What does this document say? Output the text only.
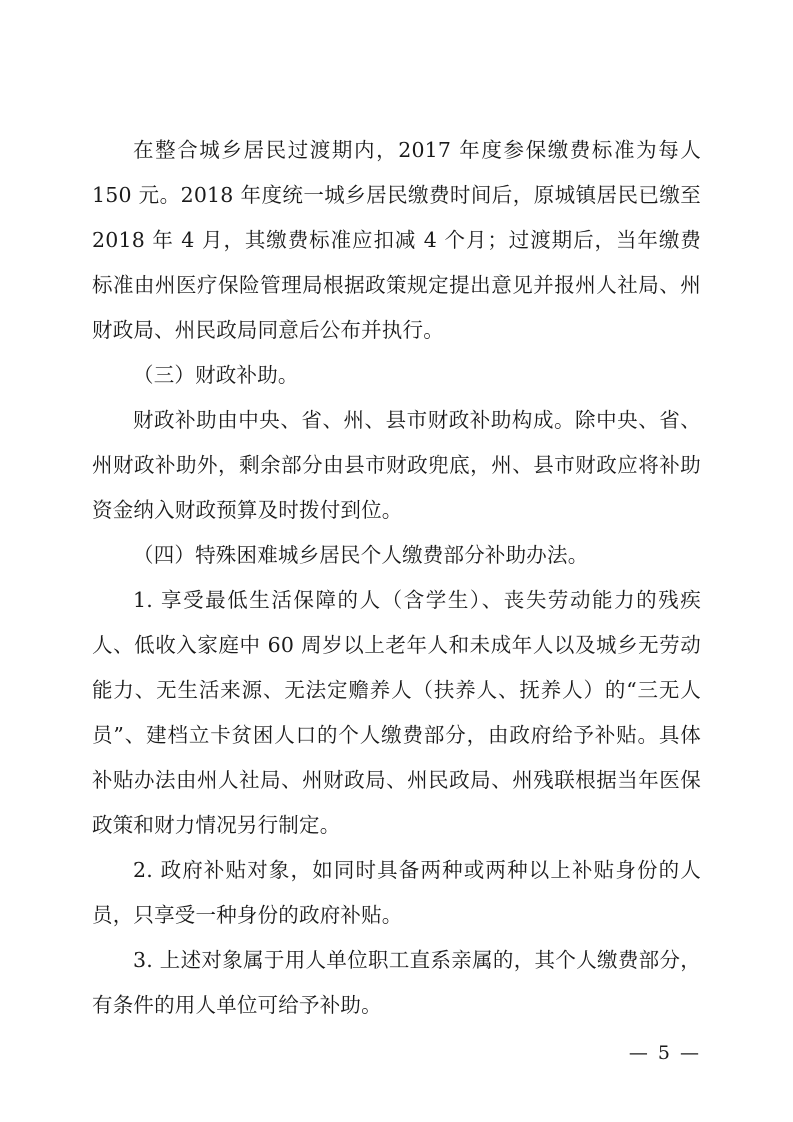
在整合城乡居民过渡期内，2017 年度参保缴费标准为每人 150 元。2018 年度统一城乡居民缴费时间后，原城镇居民已缴至 2018 年 4 月，其缴费标准应扣减 4 个月；过渡期后，当年缴费标准由州医疗保险管理局根据政策规定提出意见并报州人社局、州财政局、州民政局同意后公布并执行。

（三）财政补助。

财政补助由中央、省、州、县市财政补助构成。除中央、省、州财政补助外，剩余部分由县市财政兜底，州、县市财政应将补助资金纳入财政预算及时拨付到位。

（四）特殊困难城乡居民个人缴费部分补助办法。

1. 享受最低生活保障的人（含学生）、丧失劳动能力的残疾人、低收入家庭中 60 周岁以上老年人和未成年人以及城乡无劳动能力、无生活来源、无法定赡养人（扶养人、抚养人）的“三无人员”、建档立卡贫困人口的个人缴费部分，由政府给予补贴。具体补贴办法由州人社局、州财政局、州民政局、州残联根据当年医保政策和财力情况另行制定。

2. 政府补贴对象，如同时具备两种或两种以上补贴身份的人员，只享受一种身份的政府补贴。

3. 上述对象属于用人单位职工直系亲属的，其个人缴费部分，有条件的用人单位可给予补助。

— 5 —
